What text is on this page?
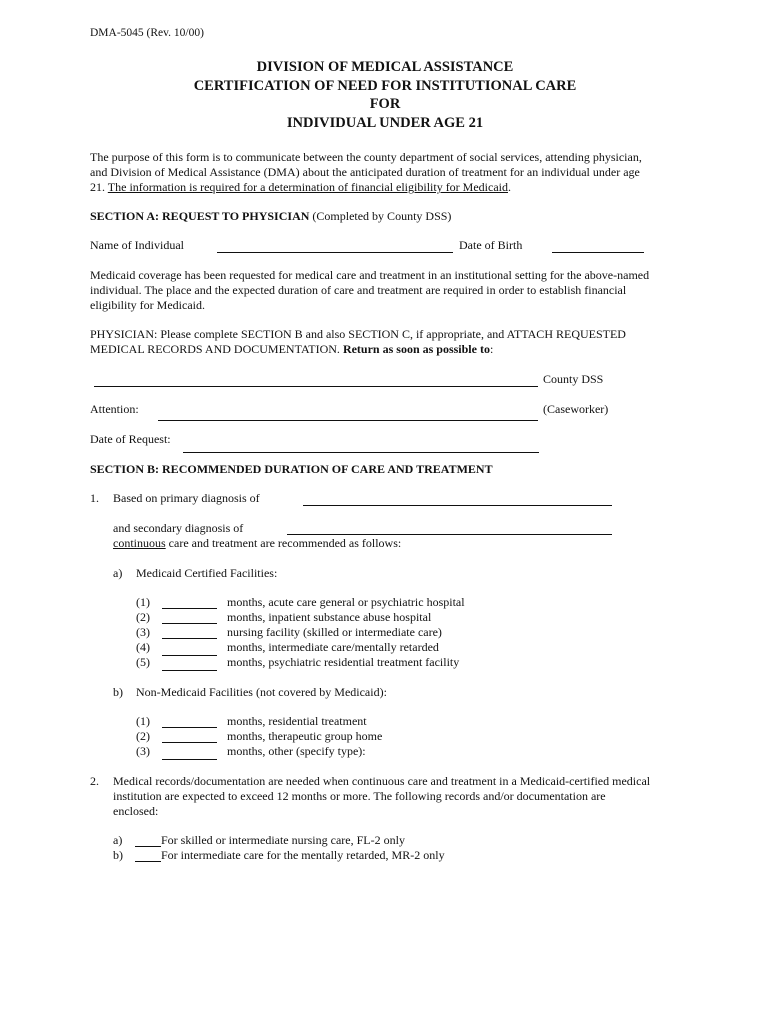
DMA-5045 (Rev. 10/00)
DIVISION OF MEDICAL ASSISTANCE
CERTIFICATION OF NEED FOR INSTITUTIONAL CARE
FOR
INDIVIDUAL UNDER AGE 21
The purpose of this form is to communicate between the county department of social services, attending physician,
and Division of Medical Assistance (DMA) about the anticipated duration of treatment for an individual under age
21. The information is required for a determination of financial eligibility for Medicaid.
SECTION A: REQUEST TO PHYSICIAN (Completed by County DSS)
Name of Individual	Date of Birth
Medicaid coverage has been requested for medical care and treatment in an institutional setting for the above-named
individual. The place and the expected duration of care and treatment are required in order to establish financial
eligibility for Medicaid.
PHYSICIAN: Please complete SECTION B and also SECTION C, if appropriate, and ATTACH REQUESTED
MEDICAL RECORDS AND DOCUMENTATION. Return as soon as possible to:
County DSS
Attention:	(Caseworker)
Date of Request:
SECTION B: RECOMMENDED DURATION OF CARE AND TREATMENT
1. Based on primary diagnosis of
and secondary diagnosis of
continuous care and treatment are recommended as follows:
a) Medicaid Certified Facilities:
(1)	months, acute care general or psychiatric hospital
(2)	months, inpatient substance abuse hospital
(3)	nursing facility (skilled or intermediate care)
(4)	months, intermediate care/mentally retarded
(5)	months, psychiatric residential treatment facility
b) Non-Medicaid Facilities (not covered by Medicaid):
(1)	months, residential treatment
(2)	months, therapeutic group home
(3)	months, other (specify type):
2. Medical records/documentation are needed when continuous care and treatment in a Medicaid-certified medical
institution are expected to exceed 12 months or more. The following records and/or documentation are
enclosed:
a)	For skilled or intermediate nursing care, FL-2 only
b)	For intermediate care for the mentally retarded, MR-2 only
